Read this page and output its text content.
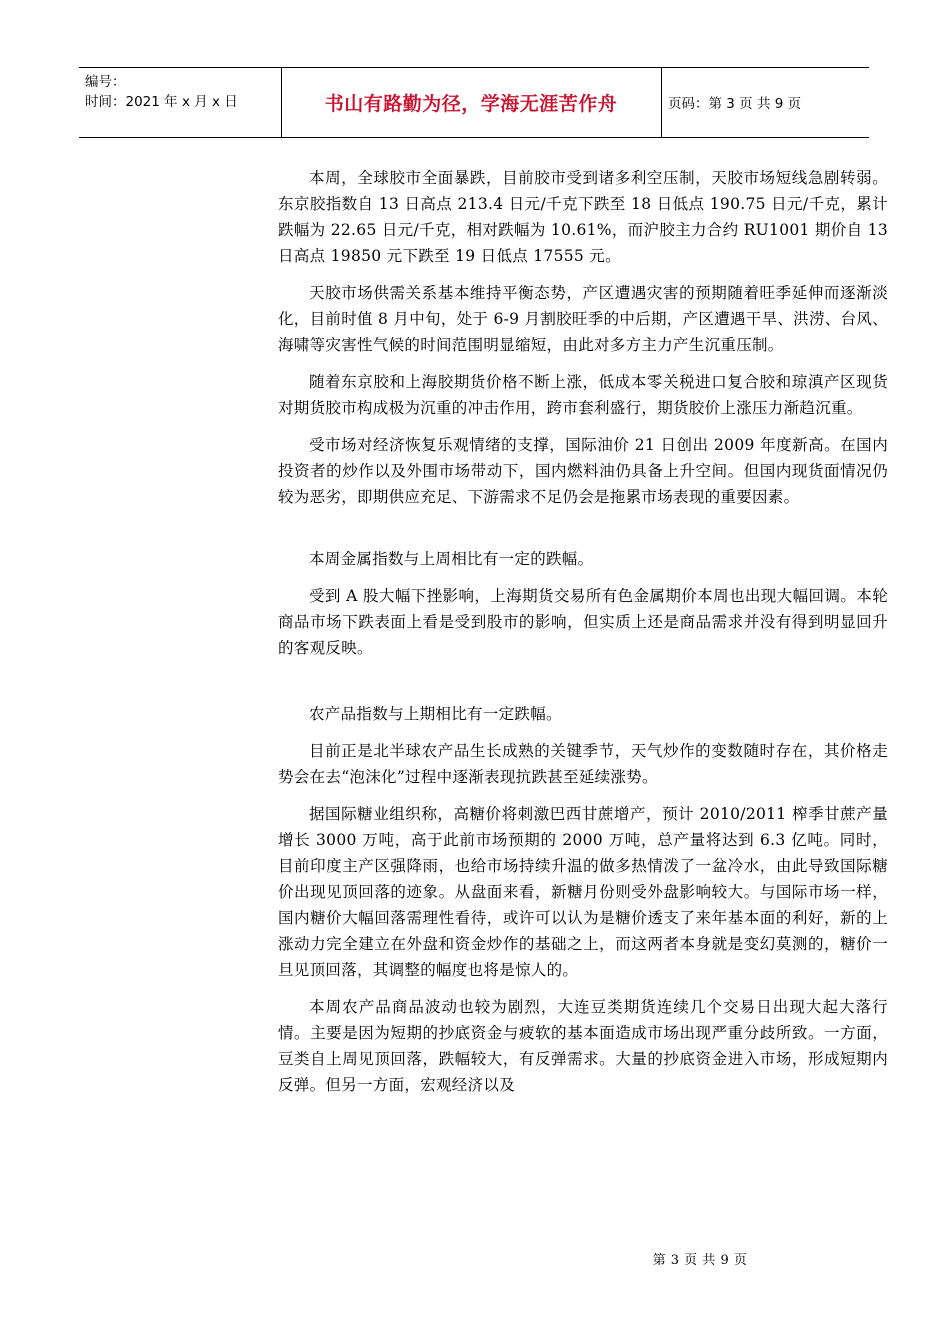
编号：
时间：2021 年 x 月 x 日	书山有路勤为径，学海无涯苦作舟	页码：第 3 页 共 9 页

本周，全球胶市全面暴跌，目前胶市受到诸多利空压制，天胶市场短线急剧转弱。东京胶指数自 13 日高点 213.4 日元/千克下跌至 18 日低点 190.75 日元/千克，累计跌幅为 22.65 日元/千克，相对跌幅为 10.61%，而沪胶主力合约 RU1001 期价自 13 日高点 19850 元下跌至 19 日低点 17555 元。

天胶市场供需关系基本维持平衡态势，产区遭遇灾害的预期随着旺季延伸而逐渐淡化，目前时值 8 月中旬，处于 6-9 月割胶旺季的中后期，产区遭遇干旱、洪涝、台风、海啸等灾害性气候的时间范围明显缩短，由此对多方主力产生沉重压制。

随着东京胶和上海胶期货价格不断上涨，低成本零关税进口复合胶和琼滇产区现货对期货胶市构成极为沉重的冲击作用，跨市套利盛行，期货胶价上涨压力渐趋沉重。

受市场对经济恢复乐观情绪的支撑，国际油价 21 日创出 2009 年度新高。在国内投资者的炒作以及外围市场带动下，国内燃料油仍具备上升空间。但国内现货面情况仍较为恶劣，即期供应充足、下游需求不足仍会是拖累市场表现的重要因素。

本周金属指数与上周相比有一定的跌幅。

受到 A 股大幅下挫影响，上海期货交易所有色金属期价本周也出现大幅回调。本轮商品市场下跌表面上看是受到股市的影响，但实质上还是商品需求并没有得到明显回升的客观反映。

农产品指数与上期相比有一定跌幅。

目前正是北半球农产品生长成熟的关键季节，天气炒作的变数随时存在，其价格走势会在去“泡沫化”过程中逐渐表现抗跌甚至延续涨势。

据国际糖业组织称，高糖价将刺激巴西甘蔗增产，预计 2010/2011 榨季甘蔗产量增长 3000 万吨，高于此前市场预期的 2000 万吨，总产量将达到 6.3 亿吨。同时，目前印度主产区强降雨，也给市场持续升温的做多热情泼了一盆冷水，由此导致国际糖价出现见顶回落的迹象。从盘面来看，新糖月份则受外盘影响较大。与国际市场一样，国内糖价大幅回落需理性看待，或许可以认为是糖价透支了来年基本面的利好，新的上涨动力完全建立在外盘和资金炒作的基础之上，而这两者本身就是变幻莫测的，糖价一旦见顶回落，其调整的幅度也将是惊人的。

本周农产品商品波动也较为剧烈，大连豆类期货连续几个交易日出现大起大落行情。主要是因为短期的抄底资金与疲软的基本面造成市场出现严重分歧所致。一方面，豆类自上周见顶回落，跌幅较大，有反弹需求。大量的抄底资金进入市场，形成短期内反弹。但另一方面，宏观经济以及

第 3 页 共 9 页
